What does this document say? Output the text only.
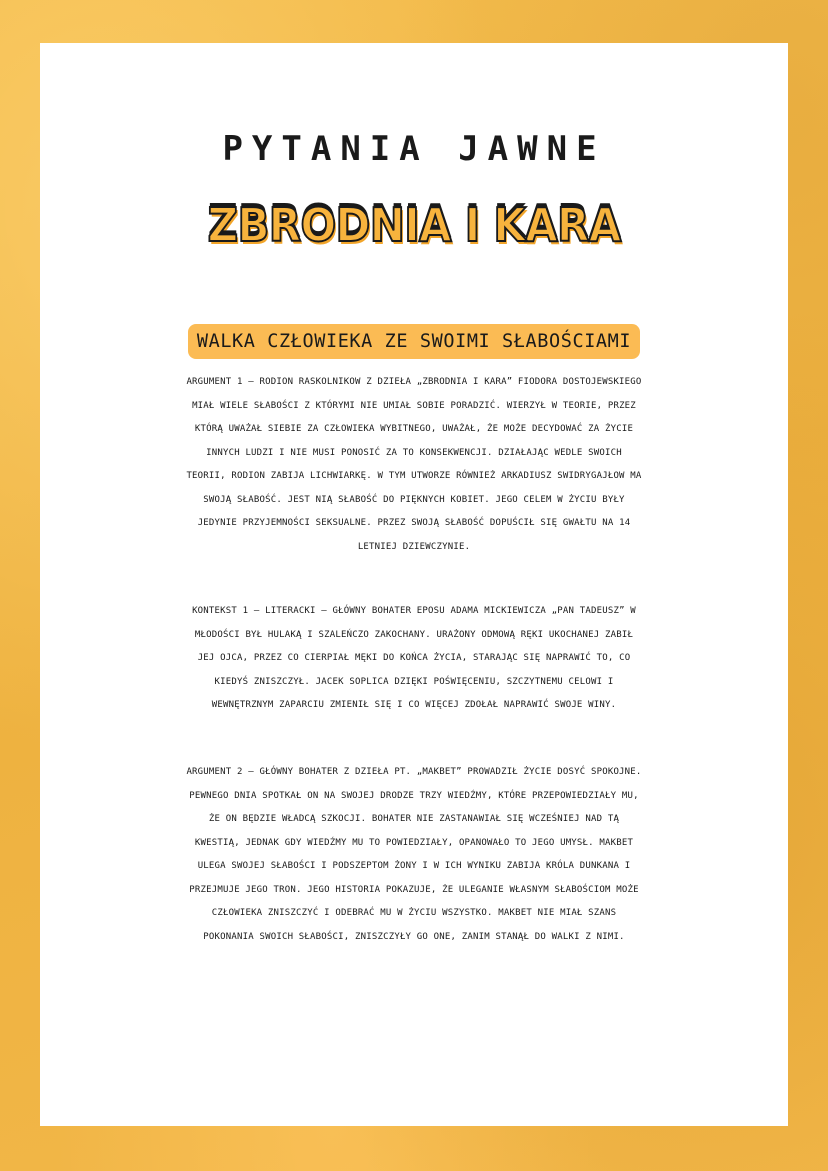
PYTANIA JAWNE
ZBRODNIA I KARA
WALKA CZŁOWIEKA ZE SWOIMI SŁABOŚCIAMI
ARGUMENT 1 – RODION RASKOLNIKOW Z DZIEŁA „ZBRODNIA I KARA” FIODORA DOSTOJEWSKIEGO
MIAŁ WIELE SŁABOŚCI Z KTÓRYMI NIE UMIAŁ SOBIE PORADZIĆ. WIERZYŁ W TEORIE, PRZEZ
KTÓRĄ UWAŻAŁ SIEBIE ZA CZŁOWIEKA WYBITNEGO, UWAŻAŁ, ŻE MOŻE DECYDOWAĆ ZA ŻYCIE
INNYCH LUDZI I NIE MUSI PONOSIĆ ZA TO KONSEKWENCJI. DZIAŁAJĄC WEDLE SWOICH
TEORII, RODION ZABIJA LICHWIARKĘ. W TYM UTWORZE RÓWNIEŻ ARKADIUSZ SWIDRYGAJŁOW MA
SWOJĄ SŁABOŚĆ. JEST NIĄ SŁABOŚĆ DO PIĘKNYCH KOBIET. JEGO CELEM W ŻYCIU BYŁY
JEDYNIE PRZYJEMNOŚCI SEKSUALNE. PRZEZ SWOJĄ SŁABOŚĆ DOPUŚCIŁ SIĘ GWAŁTU NA 14
LETNIEJ DZIEWCZYNIE.
KONTEKST 1 – LITERACKI – GŁÓWNY BOHATER EPOSU ADAMA MICKIEWICZA „PAN TADEUSZ” W
MŁODOŚCI BYŁ HULAKĄ I SZALEŃCZO ZAKOCHANY. URAŻONY ODMOWĄ RĘKI UKOCHANEJ ZABIŁ
JEJ OJCA, PRZEZ CO CIERPIAŁ MĘKI DO KOŃCA ŻYCIA, STARAJĄC SIĘ NAPRAWIĆ TO, CO
KIEDYŚ ZNISZCZYŁ. JACEK SOPLICA DZIĘKI POŚWIĘCENIU, SZCZYTNEMU CELOWI I
WEWNĘTRZNYM ZAPARCIU ZMIENIŁ SIĘ I CO WIĘCEJ ZDOŁAŁ NAPRAWIĆ SWOJE WINY.
ARGUMENT 2 – GŁÓWNY BOHATER Z DZIEŁA PT. „MAKBET” PROWADZIŁ ŻYCIE DOSYĆ SPOKOJNE.
PEWNEGO DNIA SPOTKAŁ ON NA SWOJEJ DRODZE TRZY WIEDŹMY, KTÓRE PRZEPOWIEDZIAŁY MU,
ŻE ON BĘDZIE WŁADCĄ SZKOCJI. BOHATER NIE ZASTANAWIAŁ SIĘ WCZEŚNIEJ NAD TĄ
KWESTIĄ, JEDNAK GDY WIEDŹMY MU TO POWIEDZIAŁY, OPANOWAŁO TO JEGO UMYSŁ. MAKBET
ULEGA SWOJEJ SŁABOŚCI I PODSZEPTOM ŻONY I W ICH WYNIKU ZABIJA KRÓLA DUNKANA I
PRZEJMUJE JEGO TRON. JEGO HISTORIA POKAZUJE, ŻE ULEGANIE WŁASNYM SŁABOŚCIOM MOŻE
CZŁOWIEKA ZNISZCZYĆ I ODEBRAĆ MU W ŻYCIU WSZYSTKO. MAKBET NIE MIAŁ SZANS
POKONANIA SWOICH SŁABOŚCI, ZNISZCZYŁY GO ONE, ZANIM STANĄŁ DO WALKI Z NIMI.
